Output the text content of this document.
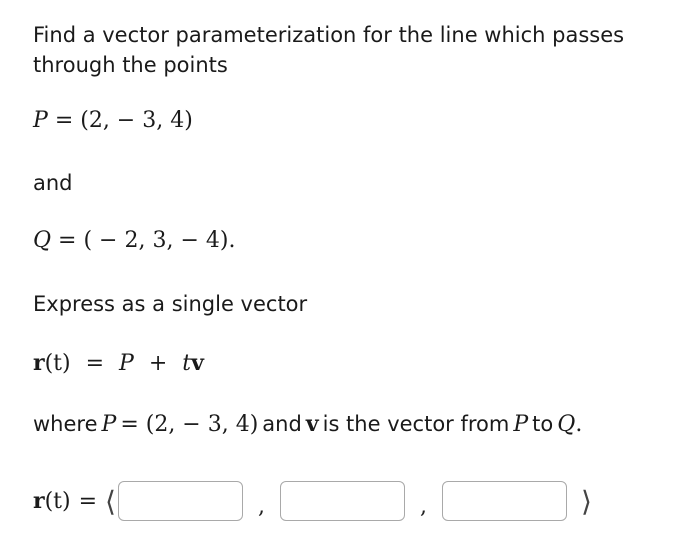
Find a vector parameterization for the line which passes through the points
P = (2, − 3, 4)
and
Q = ( − 2, 3, − 4).
Express as a single vector
r(t) = P + tv
where P = (2, − 3, 4) and v is the vector from P to Q.
r (t) = ⟨	,	,	⟩
